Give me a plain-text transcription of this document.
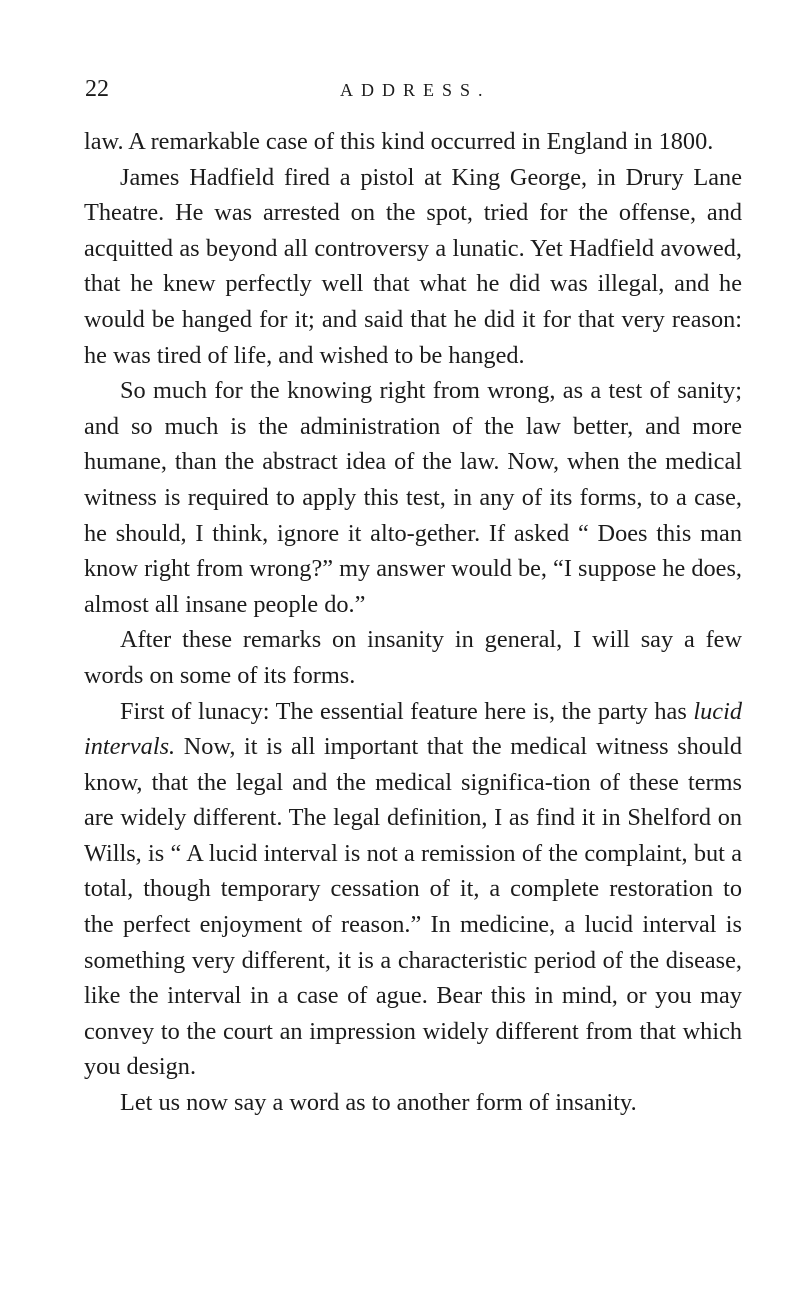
22	ADDRESS.

law. A remarkable case of this kind occurred in England in 1800.

James Hadfield fired a pistol at King George, in Drury Lane Theatre. He was arrested on the spot, tried for the offense, and acquitted as beyond all controversy a lunatic. Yet Hadfield avowed, that he knew perfectly well that what he did was illegal, and he would be hanged for it; and said that he did it for that very reason: he was tired of life, and wished to be hanged.

So much for the knowing right from wrong, as a test of sanity; and so much is the administration of the law better, and more humane, than the abstract idea of the law. Now, when the medical witness is required to apply this test, in any of its forms, to a case, he should, I think, ignore it alto-gether. If asked “ Does this man know right from wrong?” my answer would be, “I suppose he does, almost all insane people do.”

After these remarks on insanity in general, I will say a few words on some of its forms.

First of lunacy: The essential feature here is, the party has lucid intervals. Now, it is all important that the medical witness should know, that the legal and the medical significa-tion of these terms are widely different. The legal definition, I as find it in Shelford on Wills, is “ A lucid interval is not a remission of the complaint, but a total, though temporary cessation of it, a complete restoration to the perfect enjoyment of reason.” In medicine, a lucid interval is something very different, it is a characteristic period of the disease, like the interval in a case of ague. Bear this in mind, or you may convey to the court an impression widely different from that which you design.

Let us now say a word as to another form of insanity.
